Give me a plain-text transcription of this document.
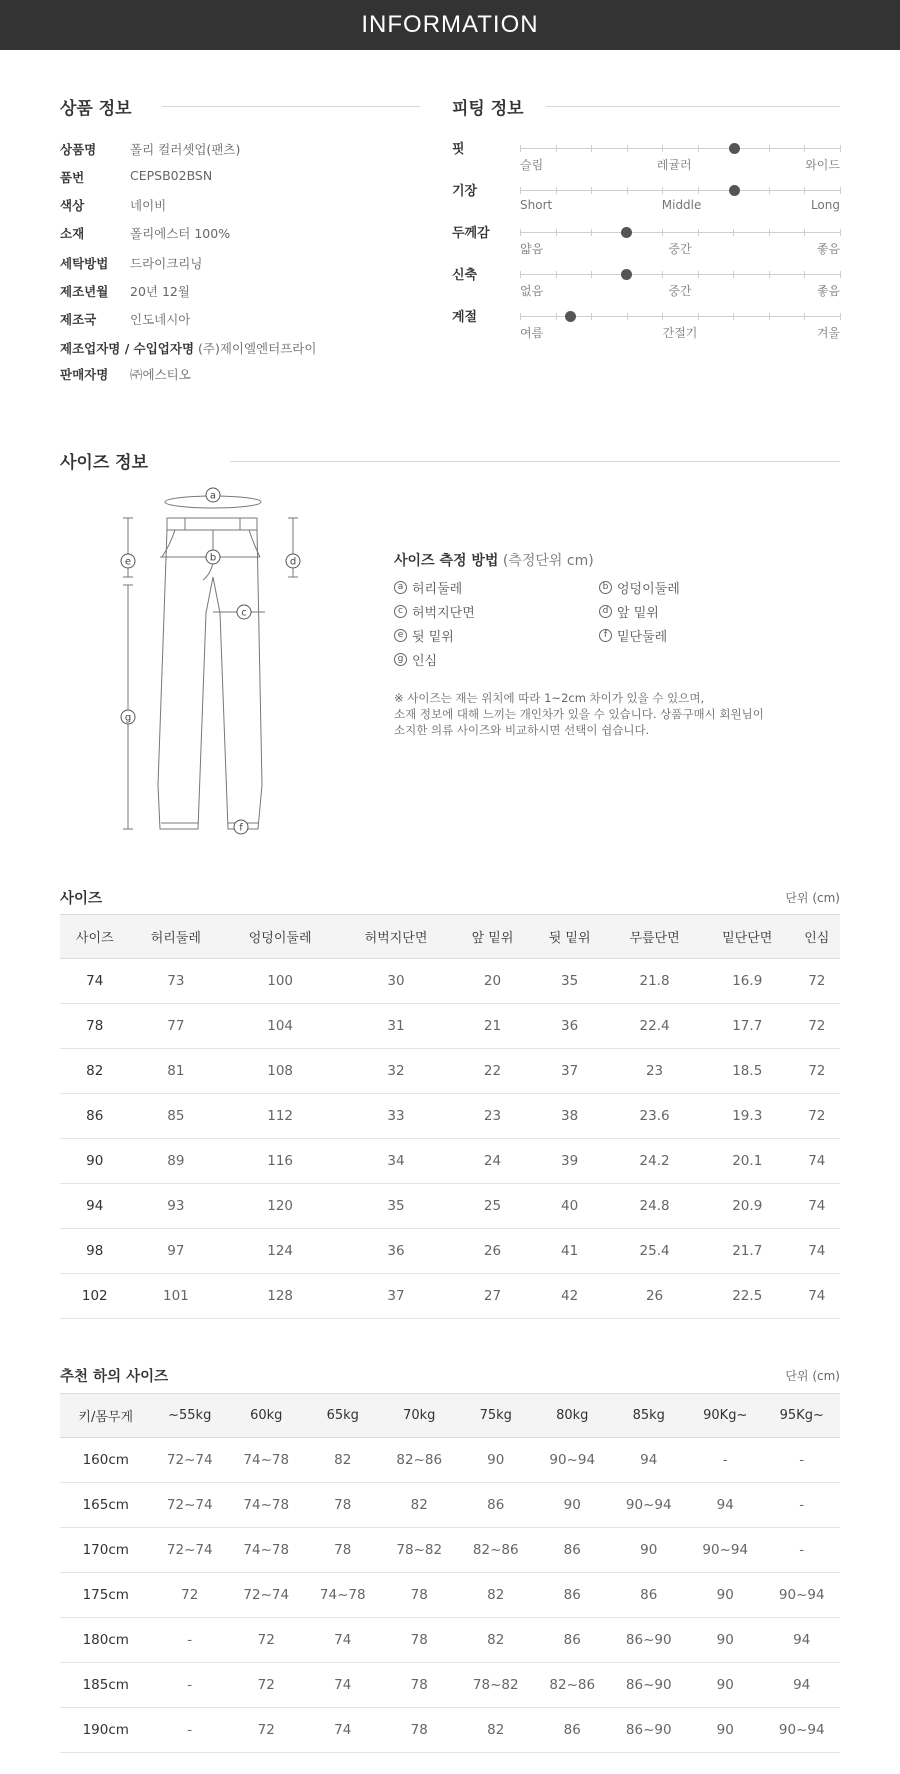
INFORMATION
상품 정보
상품명	폴리 컬러셋업(팬츠)
품번	CEPSB02BSN
색상	네이비
소재	폴리에스터 100%
세탁방법	드라이크리닝
제조년월	20년 12월
제조국	인도네시아
제조업자명 / 수입업자명 (주)제이엘엔터프라이
판매자명	㈜에스티오
피팅 정보
핏
슬림	레귤러	와이드
기장
Short	Middle	Long
두께감
얇음	중간	좋음
신축
없음	중간	좋음
계절
여름	간절기	겨울
사이즈 정보
a
b
c
d
e
f
g
사이즈 측정 방법 (측정단위 cm)
a 허리둘레	b 엉덩이둘레
c 허벅지단면	d 앞 밑위
e 뒷 밑위	f 밑단둘레
g 인심
※ 사이즈는 재는 위치에 따라 1~2cm 차이가 있을 수 있으며,
소재 정보에 대해 느끼는 개인차가 있을 수 있습니다. 상품구매시 회원님이
소지한 의류 사이즈와 비교하시면 선택이 쉽습니다.
사이즈	단위 (cm)
사이즈	허리둘레	엉덩이둘레	허벅지단면	앞 밑위	뒷 밑위	무릎단면	밑단단면	인심
74	73	100	30	20	35	21.8	16.9	72
78	77	104	31	21	36	22.4	17.7	72
82	81	108	32	22	37	23	18.5	72
86	85	112	33	23	38	23.6	19.3	72
90	89	116	34	24	39	24.2	20.1	74
94	93	120	35	25	40	24.8	20.9	74
98	97	124	36	26	41	25.4	21.7	74
102	101	128	37	27	42	26	22.5	74
추천 하의 사이즈	단위 (cm)
키/몸무게	~55kg	60kg	65kg	70kg	75kg	80kg	85kg	90Kg~	95Kg~
160cm	72~74	74~78	82	82~86	90	90~94	94	-	-
165cm	72~74	74~78	78	82	86	90	90~94	94	-
170cm	72~74	74~78	78	78~82	82~86	86	90	90~94	-
175cm	72	72~74	74~78	78	82	86	86	90	90~94
180cm	-	72	74	78	82	86	86~90	90	94
185cm	-	72	74	78	78~82	82~86	86~90	90	94
190cm	-	72	74	78	82	86	86~90	90	90~94
